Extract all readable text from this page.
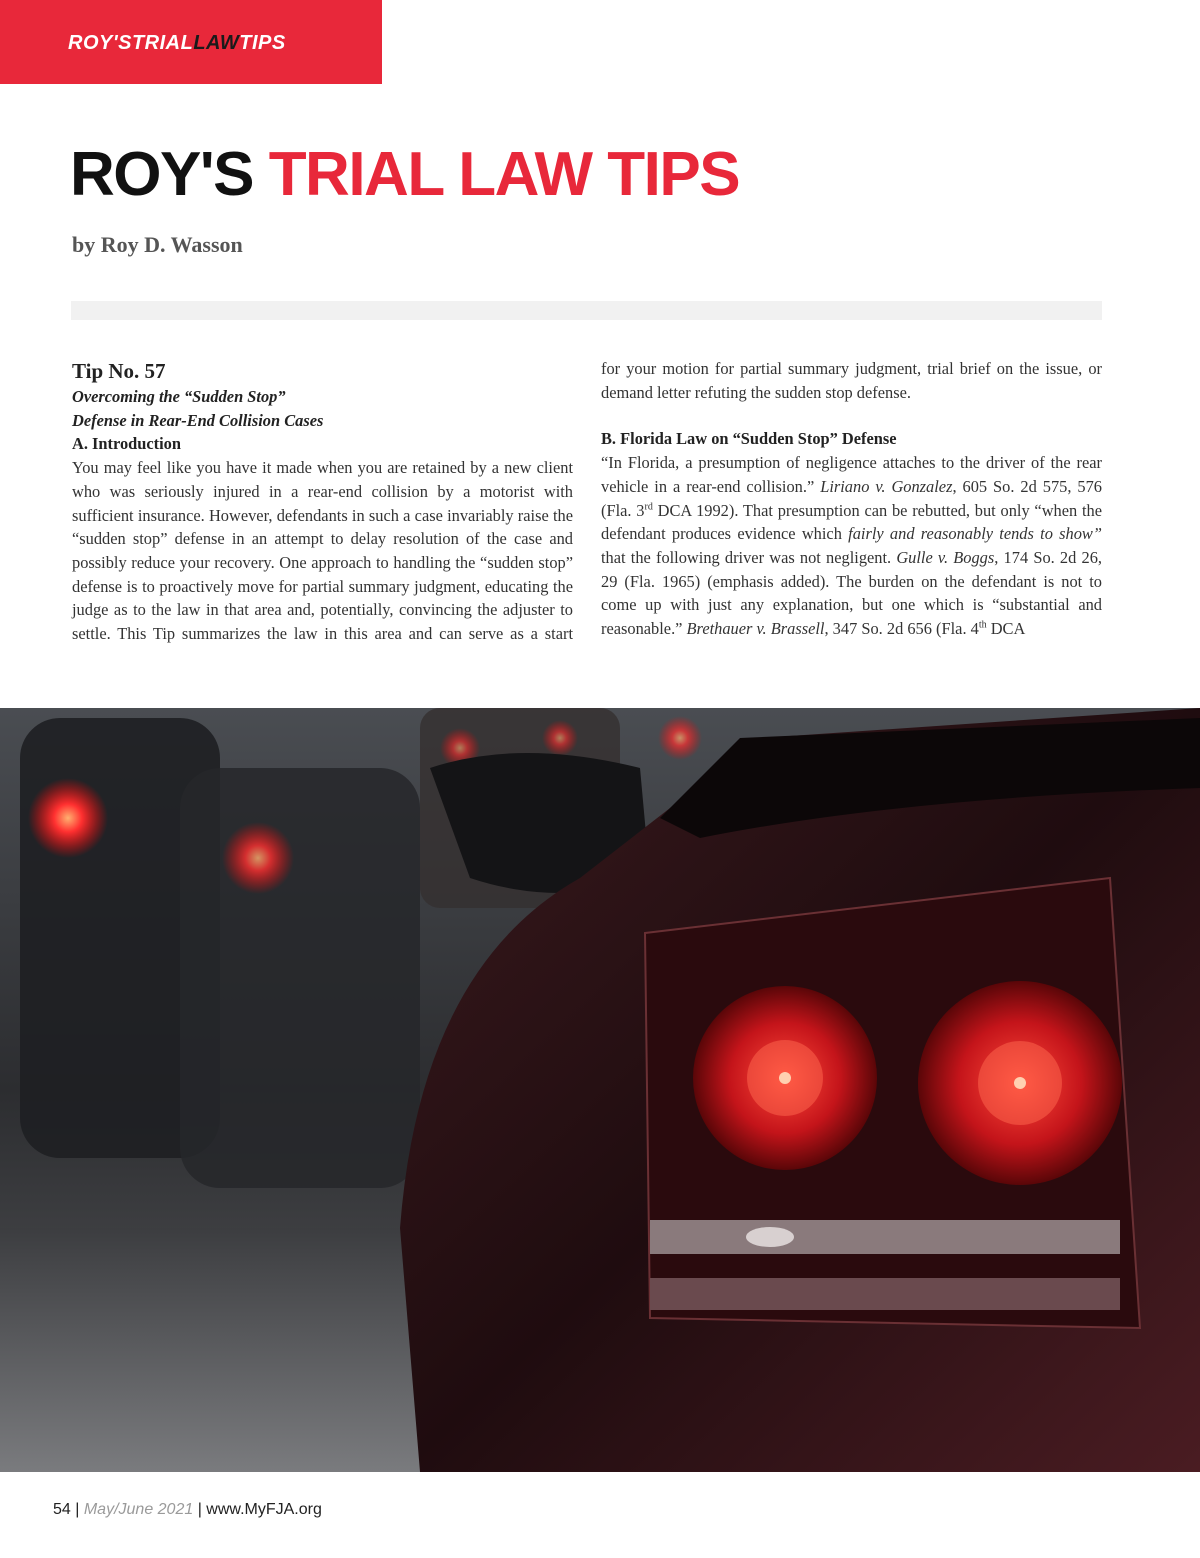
ROY'STRIALLAWTIPS
ROY'S TRIAL LAW TIPS
by Roy D. Wasson

Tip No. 57

Overcoming the “Sudden Stop”

Defense in Rear-End Collision Cases

A. Introduction

You may feel like you have it made when you are retained by a new client who was seriously injured in a rear-end collision by a motorist with sufficient insurance. However, defendants in such a case invariably raise the “sudden stop” defense in an attempt to delay resolution of the case and possibly reduce your recovery. One approach to handling the “sudden stop” defense is to proactively move for partial summary judgment, educating the judge as to the law in that area and, potentially, convincing the adjuster to settle. This Tip summarizes the law in this area and can serve as a start

for your motion for partial summary judgment, trial brief on the issue, or demand letter refuting the sudden stop defense.

B. Florida Law on “Sudden Stop” Defense

“In Florida, a presumption of negligence attaches to the driver of the rear vehicle in a rear-end collision.” Liriano v. Gonzalez, 605 So. 2d 575, 576 (Fla. 3rd DCA 1992). That presumption can be rebutted, but only “when the defendant produces evidence which fairly and reasonably tends to show” that the following driver was not negligent. Gulle v. Boggs, 174 So. 2d 26, 29 (Fla. 1965) (emphasis added). The burden on the defendant is not to come up with just any explanation, but one which is “substantial and reasonable.” Brethauer v. Brassell, 347 So. 2d 656 (Fla. 4th DCA

54 | May/June 2021 | www.MyFJA.org
